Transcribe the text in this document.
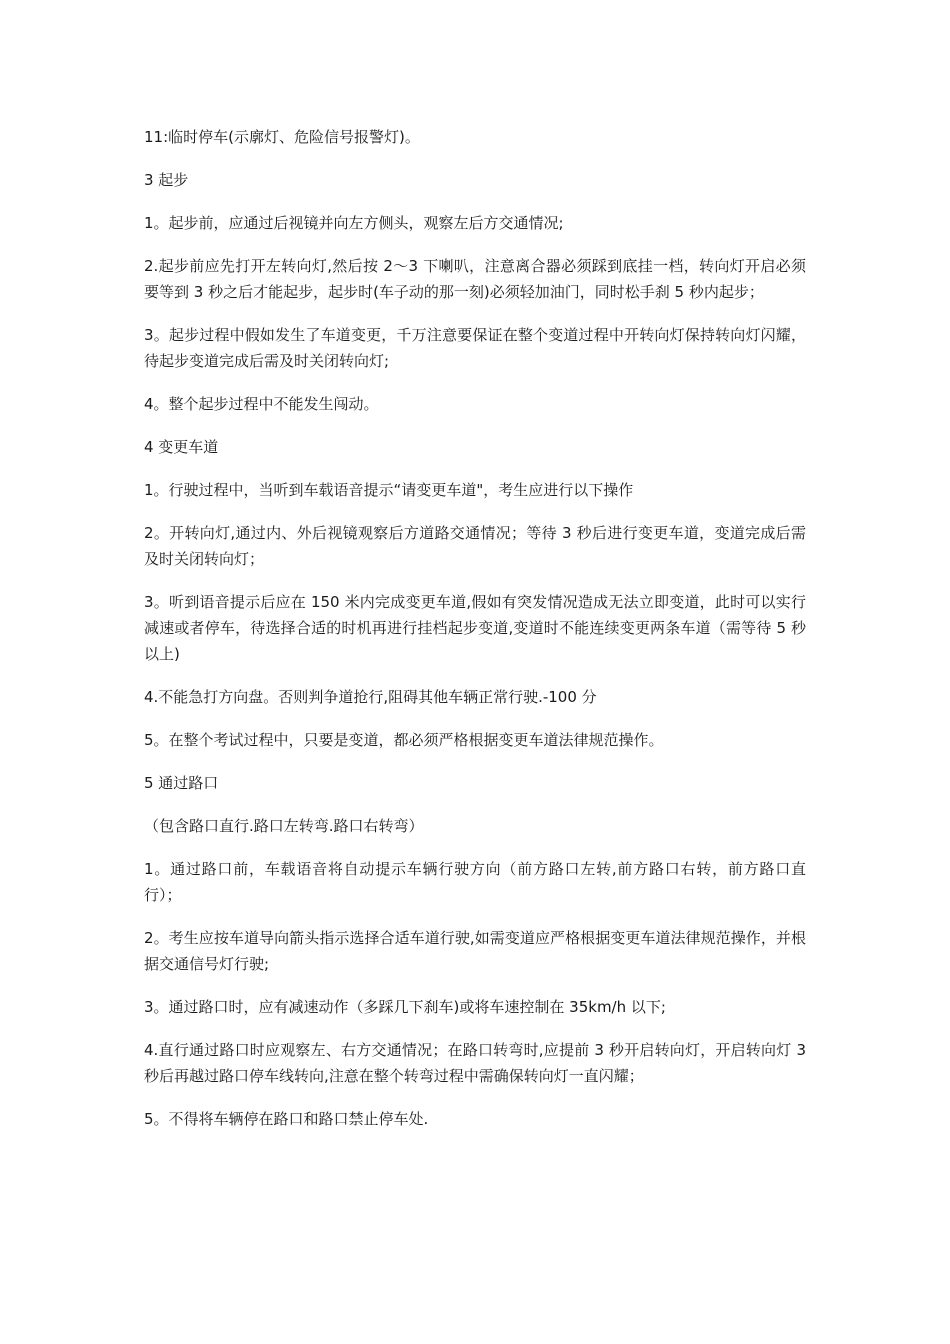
11:临时停车(示廓灯、危险信号报警灯)。

3 起步

1。起步前，应通过后视镜并向左方侧头，观察左后方交通情况;

2.起步前应先打开左转向灯,然后按 2～3 下喇叭，注意离合器必须踩到底挂一档，转向灯开启必须要等到 3 秒之后才能起步，起步时(车子动的那一刻)必须轻加油门，同时松手刹 5 秒内起步；

3。起步过程中假如发生了车道变更，千万注意要保证在整个变道过程中开转向灯保持转向灯闪耀，待起步变道完成后需及时关闭转向灯;

4。整个起步过程中不能发生闯动。

4 变更车道

1。行驶过程中，当听到车载语音提示“请变更车道"，考生应进行以下操作

2。开转向灯,通过内、外后视镜观察后方道路交通情况；等待 3 秒后进行变更车道，变道完成后需及时关闭转向灯；

3。听到语音提示后应在 150 米内完成变更车道,假如有突发情况造成无法立即变道，此时可以实行减速或者停车，待选择合适的时机再进行挂档起步变道,变道时不能连续变更两条车道（需等待 5 秒以上)

4.不能急打方向盘。否则判争道抢行,阻碍其他车辆正常行驶.-100 分

5。在整个考试过程中，只要是变道，都必须严格根据变更车道法律规范操作。

5 通过路口

（包含路口直行.路口左转弯.路口右转弯）

1。通过路口前，车载语音将自动提示车辆行驶方向（前方路口左转,前方路口右转，前方路口直行）；

2。考生应按车道导向箭头指示选择合适车道行驶,如需变道应严格根据变更车道法律规范操作，并根据交通信号灯行驶;

3。通过路口时，应有减速动作（多踩几下刹车)或将车速控制在 35km/h 以下;

4.直行通过路口时应观察左、右方交通情况；在路口转弯时,应提前 3 秒开启转向灯，开启转向灯 3 秒后再越过路口停车线转向,注意在整个转弯过程中需确保转向灯一直闪耀；

5。不得将车辆停在路口和路口禁止停车处.
